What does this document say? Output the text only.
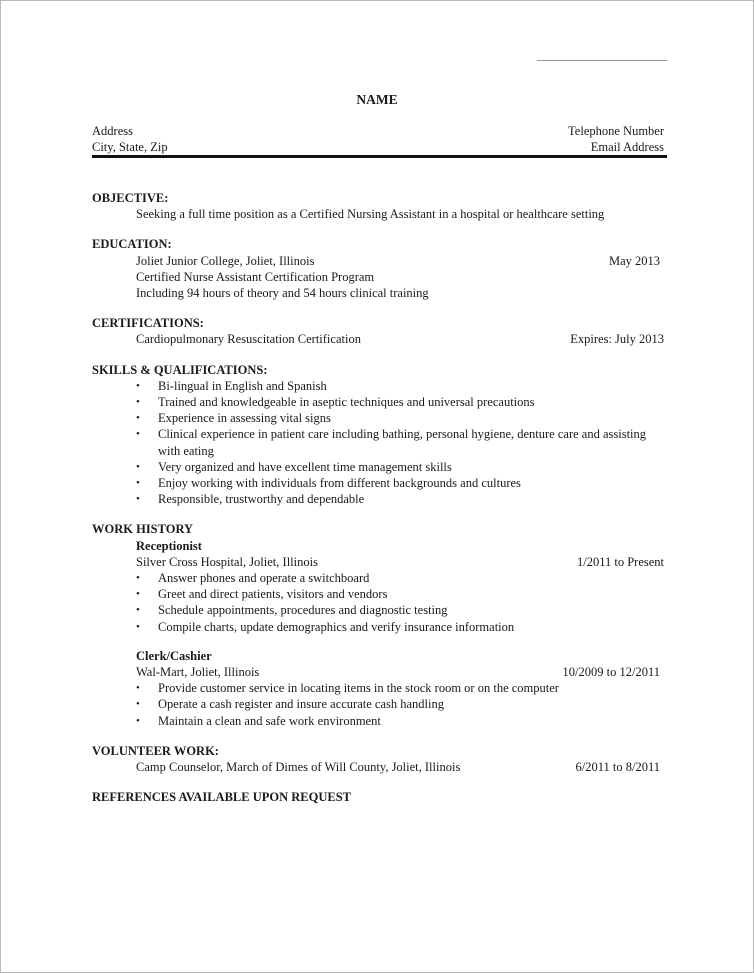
NAME
Address	Telephone Number
City, State, Zip	Email Address
OBJECTIVE:
Seeking a full time position as a Certified Nursing Assistant in a hospital or healthcare setting
EDUCATION:
Joliet Junior College, Joliet, Illinois	May 2013
Certified Nurse Assistant Certification Program
Including 94 hours of theory and 54 hours clinical training
CERTIFICATIONS:
Cardiopulmonary Resuscitation Certification	Expires: July 2013
SKILLS & QUALIFICATIONS:
• Bi-lingual in English and Spanish
• Trained and knowledgeable in aseptic techniques and universal precautions
• Experience in assessing vital signs
• Clinical experience in patient care including bathing, personal hygiene, denture care and assisting with eating
• Very organized and have excellent time management skills
• Enjoy working with individuals from different backgrounds and cultures
• Responsible, trustworthy and dependable
WORK HISTORY
Receptionist
Silver Cross Hospital, Joliet, Illinois	1/2011 to Present
• Answer phones and operate a switchboard
• Greet and direct patients, visitors and vendors
• Schedule appointments, procedures and diagnostic testing
• Compile charts, update demographics and verify insurance information
Clerk/Cashier
Wal-Mart, Joliet, Illinois	10/2009 to 12/2011
• Provide customer service in locating items in the stock room or on the computer
• Operate a cash register and insure accurate cash handling
• Maintain a clean and safe work environment
VOLUNTEER WORK:
Camp Counselor, March of Dimes of Will County, Joliet, Illinois	6/2011 to 8/2011
REFERENCES AVAILABLE UPON REQUEST
